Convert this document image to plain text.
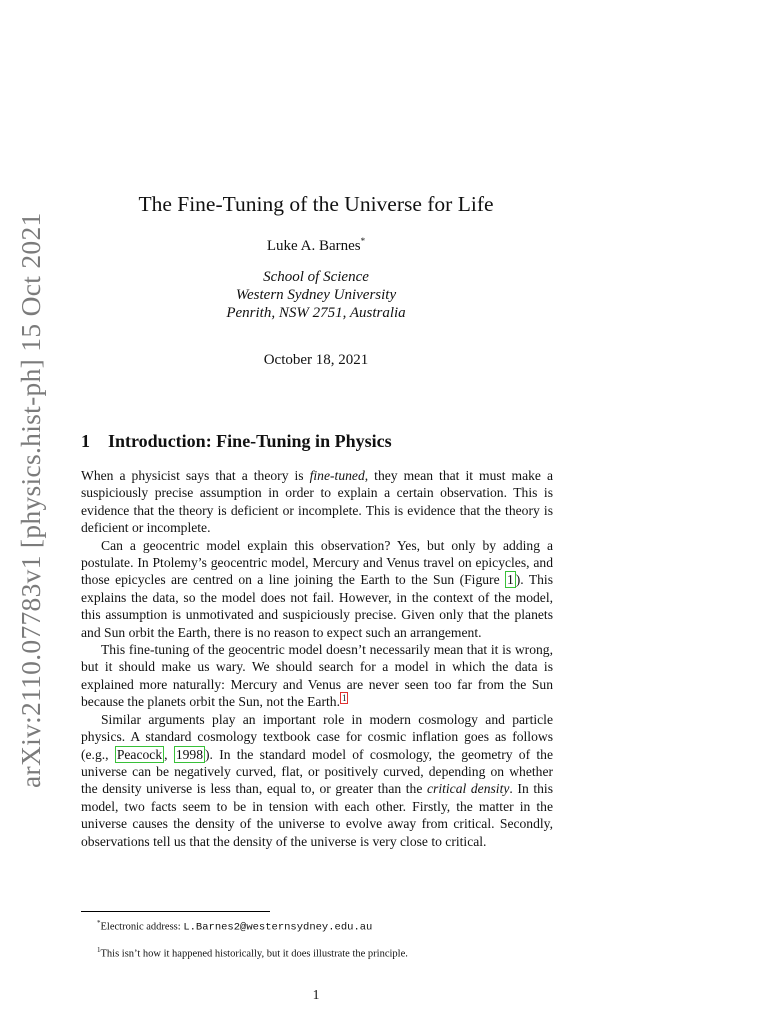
arXiv:2110.07783v1 [physics.hist-ph] 15 Oct 2021
The Fine-Tuning of the Universe for Life
Luke A. Barnes*
School of Science
Western Sydney University
Penrith, NSW 2751, Australia
October 18, 2021
1 Introduction: Fine-Tuning in Physics

When a physicist says that a theory is fine-tuned, they mean that it must make a suspiciously precise assumption in order to explain a certain observation. This is evidence that the theory is deficient or incomplete. This is evidence that the theory is deficient or incomplete.

Can a geocentric model explain this observation? Yes, but only by adding a postulate. In Ptolemy’s geocentric model, Mercury and Venus travel on epicycles, and those epicycles are centred on a line joining the Earth to the Sun (Figure 1 ). This explains the data, so the model does not fail. However, in the context of the model, this assumption is unmotivated and suspiciously precise. Given only that the planets and Sun orbit the Earth, there is no reason to expect such an arrangement.

This fine-tuning of the geocentric model doesn’t necessarily mean that it is wrong, but it should make us wary. We should search for a model in which the data is explained more naturally: Mercury and Venus are never seen too far from the Sun because the planets orbit the Sun, not the Earth. $^1$

Similar arguments play an important role in modern cosmology and particle physics. A standard cosmology textbook case for cosmic inflation goes as follows (e.g., Peacock , 1998 ). In the standard model of cosmology, the geometry of the universe can be negatively curved, flat, or positively curved, depending on whether the density universe is less than, equal to, or greater than the critical density. In this model, two facts seem to be in tension with each other. Firstly, the matter in the universe causes the density of the universe to evolve away from critical. Secondly, observations tell us that the density of the universe is very close to critical.

*Electronic address: L.Barnes2@westernsydney.edu.au
$^1$This isn’t how it happened historically, but it does illustrate the principle.
1
